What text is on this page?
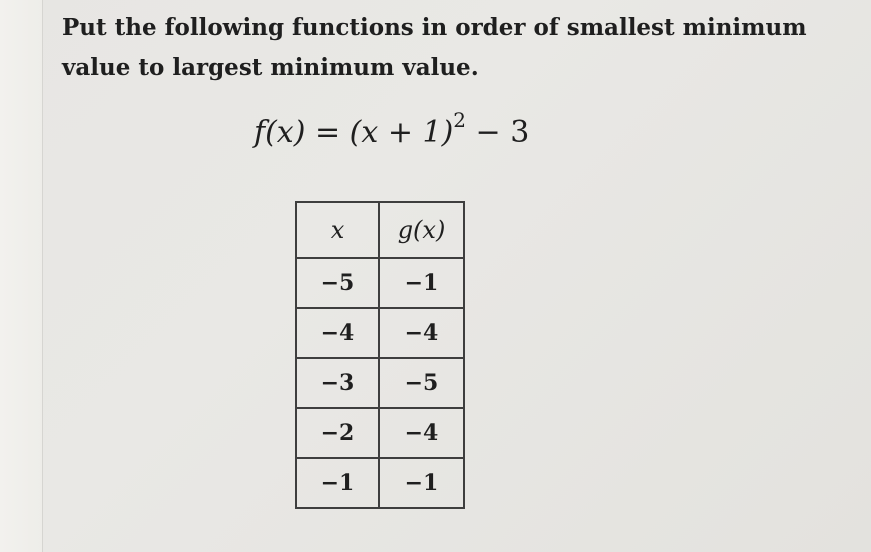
Put the following functions in order of smallest minimum value to largest minimum value.

$f(x) = (x + 1)^2 - 3$
x	g(x)
−5	−1
−4	−4
−3	−5
−2	−4
−1	−1
